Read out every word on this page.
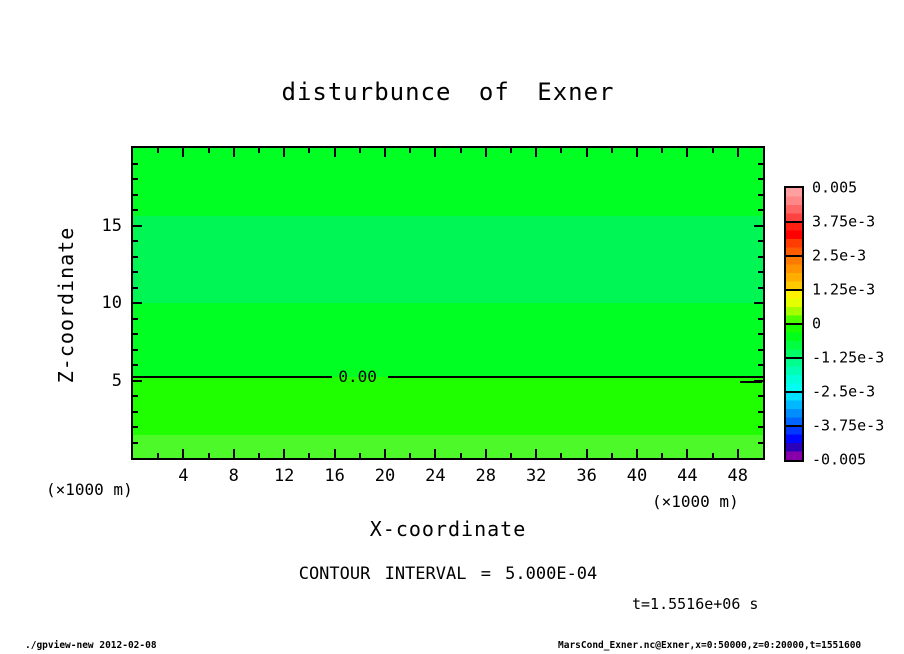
disturbunce of Exner
0.00
4	8	12	16	20	24	28	32	36	40	44	48
5
10
15
X-coordinate
Z-coordinate
(×1000 m)
(×1000 m)
0.005
3.75e-3
2.5e-3
1.25e-3
0
-1.25e-3
-2.5e-3
-3.75e-3
-0.005
CONTOUR INTERVAL = 5.000E-04
t=1.5516e+06 s
./gpview-new 2012-02-08	MarsCond_Exner.nc@Exner,x=0:50000,z=0:20000,t=1551600
